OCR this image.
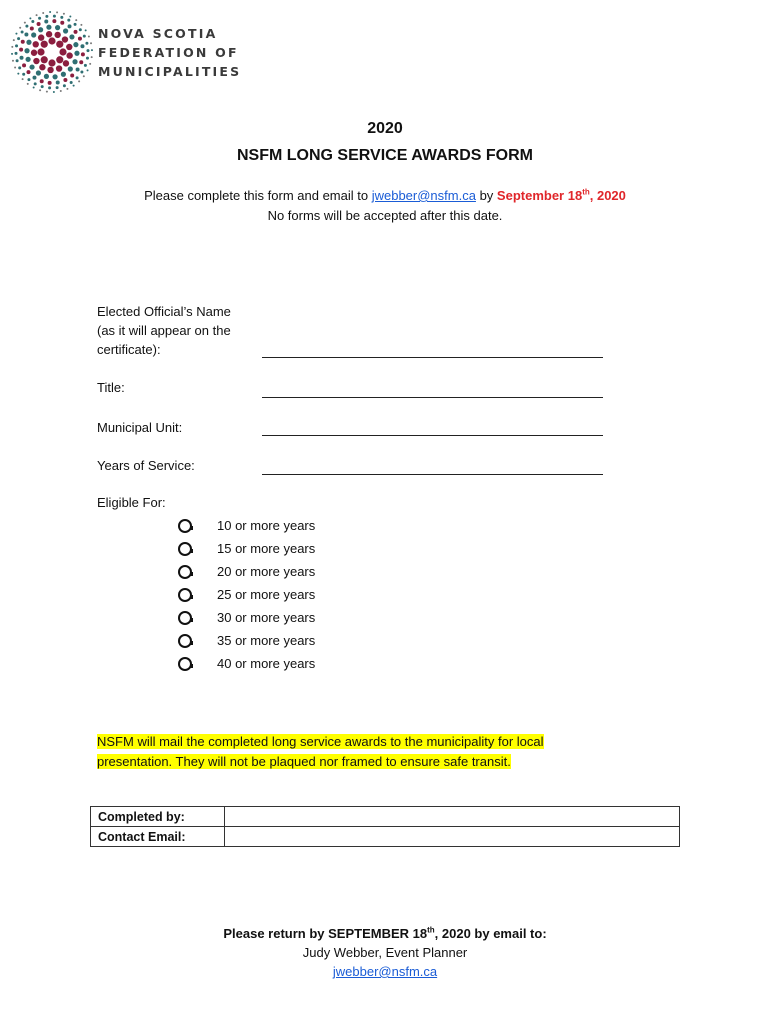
NOVA SCOTIA
FEDERATION OF
MUNICIPALITIES
2020
NSFM LONG SERVICE AWARDS FORM
Please complete this form and email to jwebber@nsfm.ca by September 18th, 2020
No forms will be accepted after this date.
Elected Official’s Name
(as it will appear on the
certificate):
Title:
Municipal Unit:
Years of Service:
Eligible For:
10 or more years
15 or more years
20 or more years
25 or more years
30 or more years
35 or more years
40 or more years
NSFM will mail the completed long service awards to the municipality for local
presentation. They will not be plaqued nor framed to ensure safe transit.
Completed by:	
Contact Email:	
Please return by SEPTEMBER 18th, 2020 by email to:
Judy Webber, Event Planner
jwebber@nsfm.ca
